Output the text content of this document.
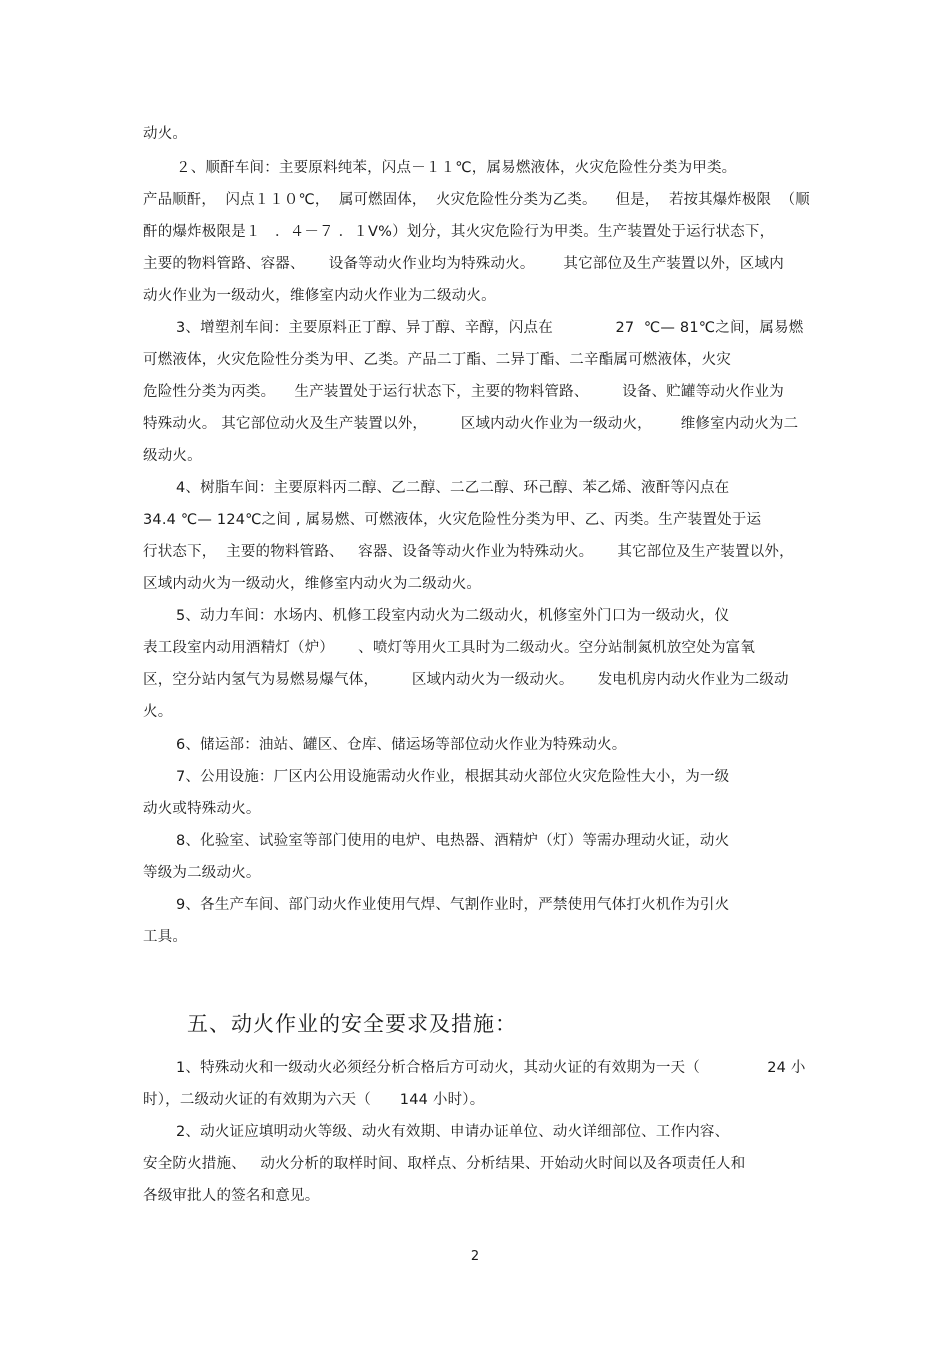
动火。
２、顺酐车间：主要原料纯苯，闪点－１１℃，属易燃液体，火灾危险性分类为甲类。
产品顺酐，  闪点１１０℃，  属可燃固体，  火灾危险性分类为乙类。    但是，  若按其爆炸极限  （顺
酐的爆炸极限是１   ．４－７ ．１V%）划分，其火灾危险行为甲类。生产装置处于运行状态下，
主要的物料管路、容器、     设备等动火作业均为特殊动火。      其它部位及生产装置以外，区域内
动火作业为一级动火，维修室内动火作业为二级动火。
3、增塑剂车间：主要原料正丁醇、异丁醇、辛醇，闪点在             27  ℃— 81℃之间，属易燃
可燃液体，火灾危险性分类为甲、乙类。产品二丁酯、二异丁酯、二辛酯属可燃液体，火灾
危险性分类为丙类。    生产装置处于运行状态下，主要的物料管路、       设备、贮罐等动火作业为
特殊动火。 其它部位动火及生产装置以外，       区域内动火作业为一级动火，      维修室内动火为二
级动火。
4、树脂车间：主要原料丙二醇、乙二醇、二乙二醇、环己醇、苯乙烯、液酐等闪点在
34.4 ℃— 124℃之间 , 属易燃、可燃液体，火灾危险性分类为甲、乙、丙类。生产装置处于运
行状态下，  主要的物料管路、   容器、设备等动火作业为特殊动火。     其它部位及生产装置以外，
区域内动火为一级动火，维修室内动火为二级动火。
5、动力车间：水场内、机修工段室内动火为二级动火，机修室外门口为一级动火，仪
表工段室内动用酒精灯（炉）     、喷灯等用火工具时为二级动火。空分站制氮机放空处为富氧
区，空分站内氢气为易燃易爆气体，       区域内动火为一级动火。     发电机房内动火作业为二级动
火。
6、储运部：油站、罐区、仓库、储运场等部位动火作业为特殊动火。
7、公用设施：厂区内公用设施需动火作业，根据其动火部位火灾危险性大小，为一级
动火或特殊动火。
8、化验室、试验室等部门使用的电炉、电热器、酒精炉（灯）等需办理动火证，动火
等级为二级动火。
9、各生产车间、部门动火作业使用气焊、气割作业时，严禁使用气体打火机作为引火
工具。
五、动火作业的安全要求及措施：
1、特殊动火和一级动火必须经分析合格后方可动火，其动火证的有效期为一天（              24 小
时），二级动火证的有效期为六天（      144 小时）。
2、动火证应填明动火等级、动火有效期、申请办证单位、动火详细部位、工作内容、
安全防火措施、   动火分析的取样时间、取样点、分析结果、开始动火时间以及各项责任人和
各级审批人的签名和意见。
2
